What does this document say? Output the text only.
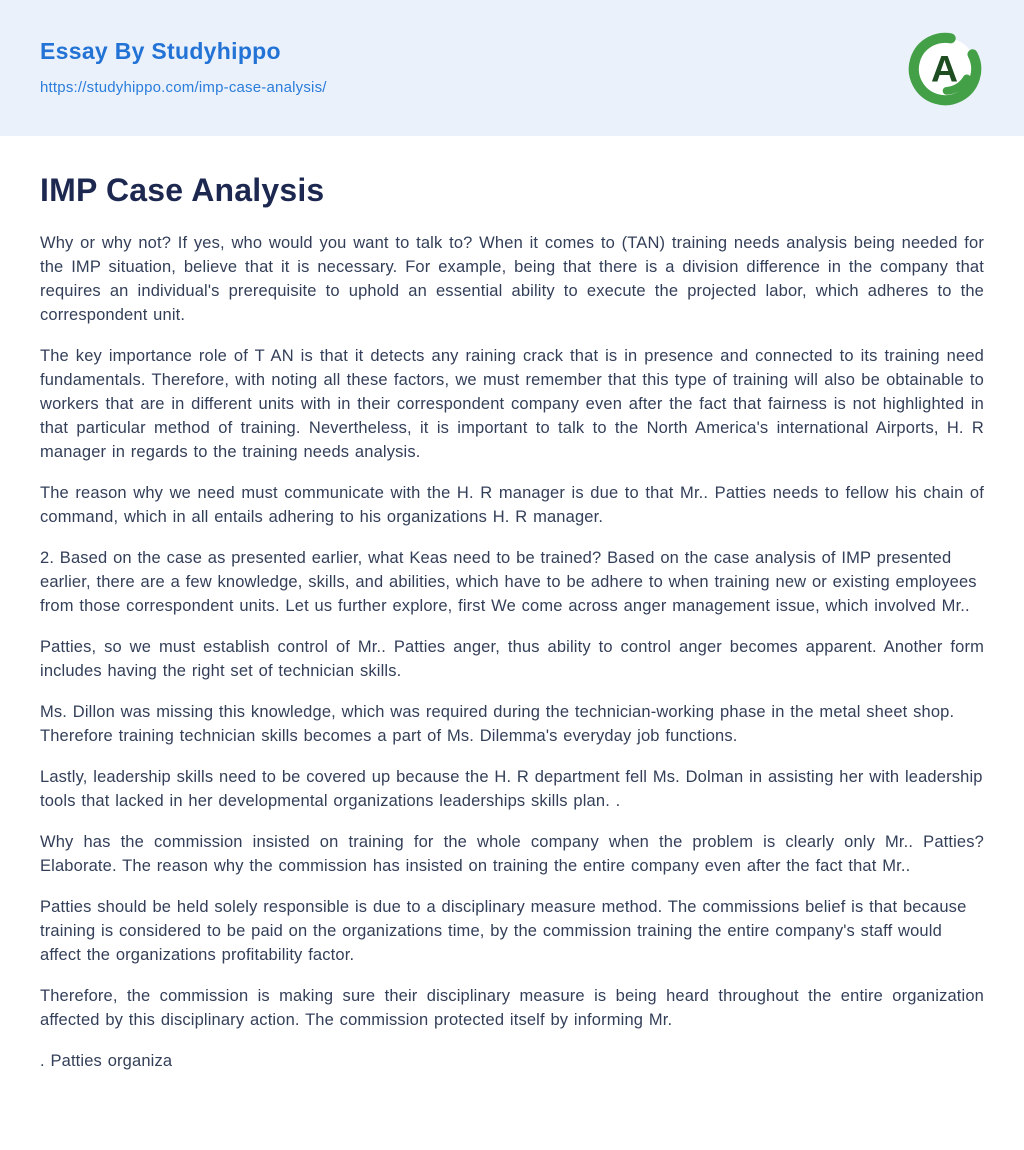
Essay By Studyhippo
https://studyhippo.com/imp-case-analysis/	A
IMP Case Analysis

Why or why not? If yes, who would you want to talk to? When it comes to (TAN) training needs analysis being needed for the IMP situation, believe that it is necessary. For example, being that there is a division difference in the company that requires an individual's prerequisite to uphold an essential ability to execute the projected labor, which adheres to the correspondent unit.

The key importance role of T AN is that it detects any raining crack that is in presence and connected to its training need fundamentals. Therefore, with noting all these factors, we must remember that this type of training will also be obtainable to workers that are in different units with in their correspondent company even after the fact that fairness is not highlighted in that particular method of training. Nevertheless, it is important to talk to the North America's international Airports, H. R manager in regards to the training needs analysis.

The reason why we need must communicate with the H. R manager is due to that Mr.. Patties needs to fellow his chain of command, which in all entails adhering to his organizations H. R manager.

2. Based on the case as presented earlier, what Keas need to be trained? Based on the case analysis of IMP presented earlier, there are a few knowledge, skills, and abilities, which have to be adhere to when training new or existing employees from those correspondent units. Let us further explore, first We come across anger management issue, which involved Mr..

Patties, so we must establish control of Mr.. Patties anger, thus ability to control anger becomes apparent. Another form includes having the right set of technician skills.

Ms. Dillon was missing this knowledge, which was required during the technician-working phase in the metal sheet shop. Therefore training technician skills becomes a part of Ms. Dilemma's everyday job functions.

Lastly, leadership skills need to be covered up because the H. R department fell Ms. Dolman in assisting her with leadership tools that lacked in her developmental organizations leaderships skills plan. .

Why has the commission insisted on training for the whole company when the problem is clearly only Mr.. Patties? Elaborate. The reason why the commission has insisted on training the entire company even after the fact that Mr..

Patties should be held solely responsible is due to a disciplinary measure method. The commissions belief is that because training is considered to be paid on the organizations time, by the commission training the entire company's staff would affect the organizations profitability factor.

Therefore, the commission is making sure their disciplinary measure is being heard throughout the entire organization affected by this disciplinary action. The commission protected itself by informing Mr.

. Patties organiza
